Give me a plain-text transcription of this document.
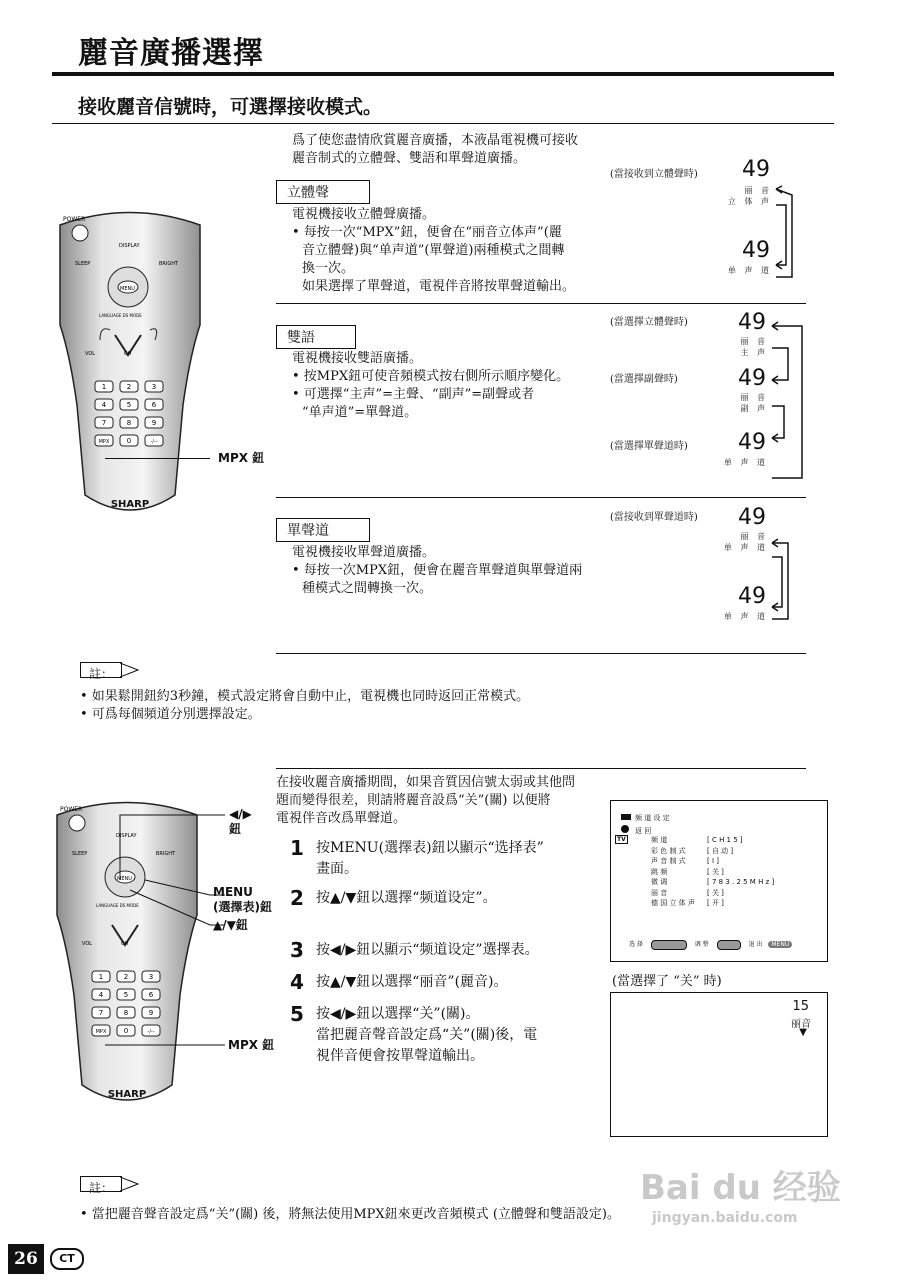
麗音廣播選擇
接收麗音信號時，可選擇接收模式。
POWER
DISPLAY
SLEEP	BRIGHT
MENU
LANGUAGE DS MODE
VOL	CH
1	2	3
4	5	6
7	8	9
MPX 0	-/--
SHARP
MPX 鈕
爲了使您盡情欣賞麗音廣播，本液晶電視機可接收
麗音制式的立體聲、雙語和單聲道廣播。
立體聲
電視機接收立體聲廣播。
• 每按一次“MPX”鈕，便會在“丽音立体声”(麗
音立體聲)與“单声道”(單聲道)兩種模式之間轉
換一次。
如果選擇了單聲道，電視伴音將按單聲道輸出。
(當接收到立體聲時) 49
丽 音
立 体 声
49
单 声 道
雙語
電視機接收雙語廣播。
• 按MPX鈕可使音頻模式按右側所示順序變化。
• 可選擇“主声”=主聲、“副声”=副聲或者
“单声道”=單聲道。
(當選擇立體聲時)
(當選擇副聲時)
(當選擇單聲道時)
49
丽 音
主 声
49
丽 音
副 声
49
单 声 道
單聲道
電視機接收單聲道廣播。
• 每按一次MPX鈕，便會在麗音單聲道與單聲道兩
種模式之間轉換一次。
(當接收到單聲道時) 49
丽 音
单 声 道
49
单 声 道
註：
• 如果鬆開鈕約3秒鐘，模式設定將會自動中止，電視機也同時返回正常模式。
• 可爲每個頻道分別選擇設定。
在接收麗音廣播期間，如果音質因信號太弱或其他問
題而變得很差，則請將麗音設爲“关”(關) 以便將
電視伴音改爲單聲道。
POWER
DISPLAY
SLEEP	BRIGHT
MENU
LANGUAGE DS MODE
VOL	CH
1	2	3
4	5	6
7	8	9
MPX 0	-/--
SHARP
◀/▶
鈕
MENU
(選擇表)鈕
▲/▼鈕
MPX 鈕
1 按MENU(選擇表)鈕以顯示“选择表”
畫面。
2 按▲/▼鈕以選擇“频道设定”。
3 按◀/▶鈕以顯示“频道设定”選擇表。
4 按▲/▼鈕以選擇“丽音”(麗音)。
5 按◀/▶鈕以選擇“关”(關)。
當把麗音聲音設定爲“关”(關)後，電
視伴音便會按單聲道輸出。
频 道 设 定
返 回
TV	频 道	[ C H 1 5 ]
彩 色 制 式	[ 自 动 ]
声 音 制 式	[ I ]
跳 频	[ 关 ]
微 调	[ 7 8 3 . 2 5 M H z ]
丽 音	[ 关 ]
德 国 立 体 声 [ 开 ]
选 择	调 整	退 出 MENU
(當選擇了 “关” 時)
15
丽音
▼
註：
• 當把麗音聲音設定爲“关”(關) 後，將無法使用MPX鈕來更改音頻模式 (立體聲和雙語設定)。
26	CT
Bai du 经验
jingyan.baidu.com
